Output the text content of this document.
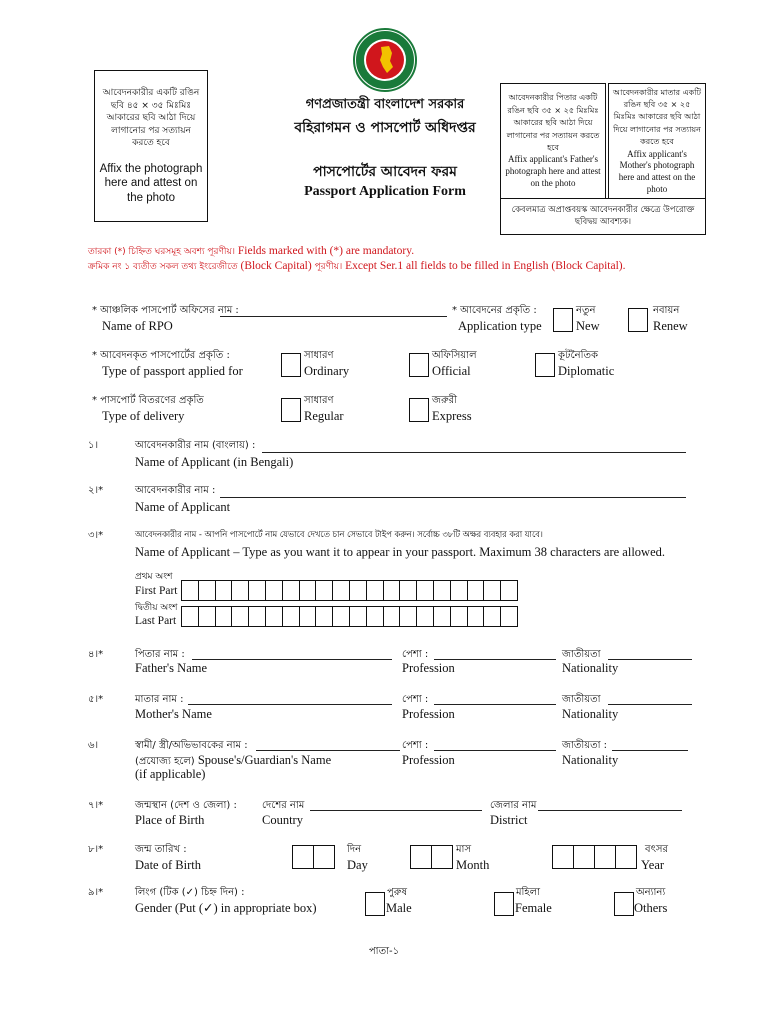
আবেদনকারীর একটি রঙিন ছবি ৪৫ × ৩৫ মিঃমিঃ আকারের ছবি আঠা দিয়ে লাগানোর পর সত্যায়ন করতে হবে
Affix the photograph here and attest on the photo
গণপ্রজাতন্ত্রী বাংলাদেশ সরকার
বহিরাগমন ও পাসপোর্ট অধিদপ্তর
পাসপোর্টের আবেদন ফরম
Passport Application Form
আবেদনকারীর পিতার একটি রঙিন ছবি ৩৫ × ২৫ মিঃমিঃ আকারের ছবি আঠা দিয়ে লাগানোর পর সত্যায়ন করতে হবে
Affix applicant's Father's photograph here and attest on the photo
আবেদনকারীর মাতার একটি রঙিন ছবি ৩৫ × ২৫ মিঃমিঃ আকারের ছবি আঠা দিয়ে লাগানোর পর সত্যায়ন করতে হবে
Affix applicant's Mother's photograph here and attest on the photo
কেবলমাত্র অপ্রাপ্তবয়স্ক আবেদনকারীর ক্ষেত্রে উপরোক্ত ছবিদ্বয় আবশ্যক।
তারকা (*) চিহ্নিত ঘরসমূহ অবশ্য পূরণীয়। Fields marked with (*) are mandatory.
ক্রমিক নং ১ ব্যতীত সকল তথ্য ইংরেজীতে (Block Capital) পূরণীয়। Except Ser.1 all fields to be filled in English (Block Capital).
* আঞ্চলিক পাসপোর্ট অফিসের নাম :
Name of RPO
* আবেদনের প্রকৃতি :
Application type
নতুন
New
নবায়ন
Renew
* আবেদনকৃত পাসপোর্টের প্রকৃতি :
Type of passport applied for
সাধারণ
Ordinary
অফিসিয়াল
Official
কূটনৈতিক
Diplomatic
* পাসপোর্ট বিতরণের প্রকৃতি
Type of delivery
সাধারণ
Regular
জরুরী
Express
১।	আবেদনকারীর নাম (বাংলায়) :
Name of Applicant (in Bengali)
২।*	আবেদনকারীর নাম :
Name of Applicant
৩।*	আবেদনকারীর নাম - আপনি পাসপোর্টে নাম যেভাবে দেখতে চান সেভাবে টাইপ করুন। সর্বোচ্চ ৩৮টি অক্ষর ব্যবহার করা যাবে।
Name of Applicant – Type as you want it to appear in your passport. Maximum 38 characters are allowed.
প্রথম অংশ
First Part
দ্বিতীয় অংশ
Last Part
৪।*	পিতার নাম :
Father's Name
পেশা :
Profession
জাতীয়তা
Nationality
৫।*	মাতার নাম :
Mother's Name
পেশা :
Profession
জাতীয়তা
Nationality
৬।	স্বামী/ স্ত্রী/অভিভাবকের নাম :
(প্রযোজ্য হলে) Spouse's/Guardian's Name
(if applicable)
পেশা :
Profession
জাতীয়তা :
Nationality
৭।*	জন্মস্থান (দেশ ও জেলা) :
Place of Birth
দেশের নাম
Country
জেলার নাম
District
৮।*	জন্ম তারিখ :
Date of Birth
দিন
Day
মাস
Month
বৎসর
Year
৯।*	লিংগ (টিক (✓) চিহ্ন দিন) :
Gender (Put (✓) in appropriate box)
পুরুষ
Male
মহিলা
Female
অন্যান্য
Others
পাতা-১
